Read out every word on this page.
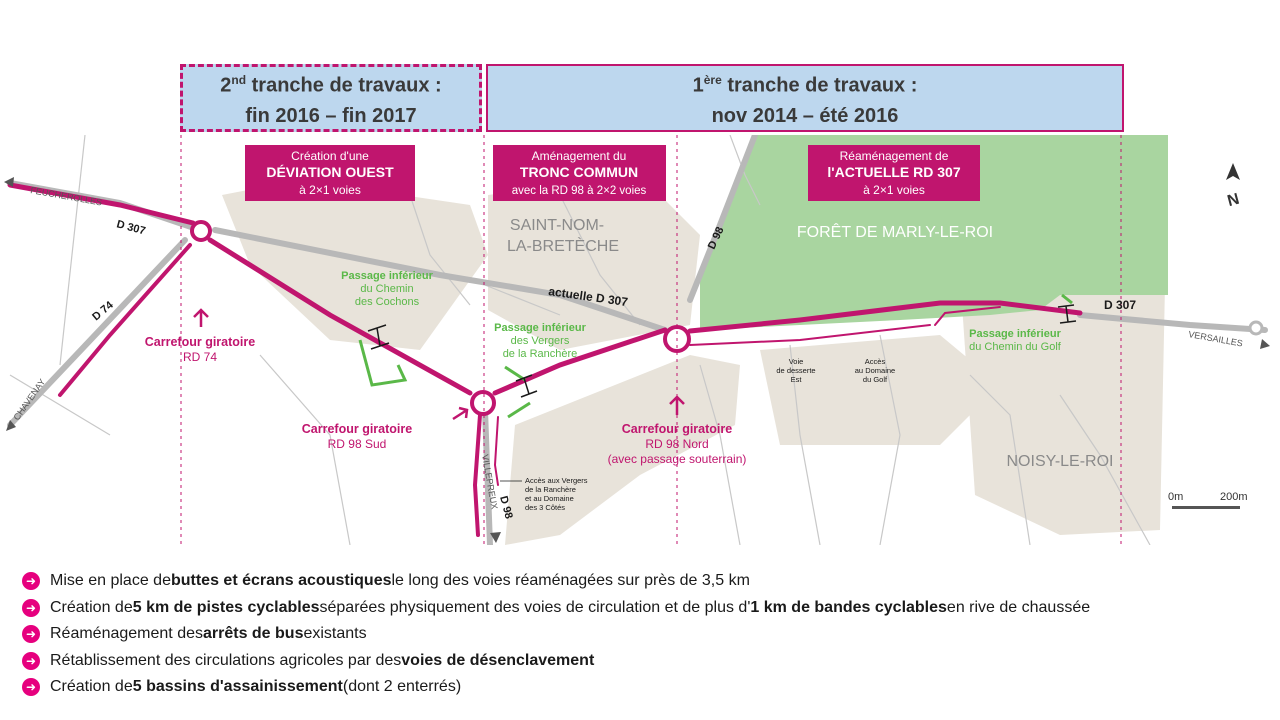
2nd tranche de travaux :
fin 2016 – fin 2017
1ère tranche de travaux :
nov 2014 – été 2016
SAINT-NOM-
LA-BRETÈCHE
NOISY-LE-ROI
FORÊT DE MARLY-LE-ROI
Création d'une
DÉVIATION OUEST
à 2×1 voies
Aménagement du
TRONC COMMUN
avec la RD 98 à 2×2 voies
Réaménagement de
l'ACTUELLE RD 307
à 2×1 voies
D 307
D 74
actuelle D 307
D 98
D 307
D 98
FEUCHEROLLES
CHAVENAY
VERSAILLES
VILLEPREUX
Passage inférieur
du Chemin
des Cochons
Passage inférieur
des Vergers
de la Ranchère
Passage inférieur
du Chemin du Golf
Carrefour giratoire
RD 74
Carrefour giratoire
RD 98 Sud
Carrefour giratoire
RD 98 Nord
(avec passage souterrain)
Voie
de desserte
Est
Accès
au Domaine
du Golf
Accès aux Vergers
de la Ranchère
et au Domaine
des 3 Côtés
N
0m	200m
➜ Mise en place de buttes et écrans acoustiques le long des voies réaménagées sur près de 3,5 km
➜ Création de 5 km de pistes cyclables séparées physiquement des voies de circulation et de plus d' 1 km de bandes cyclables en rive de chaussée
➜ Réaménagement des arrêts de bus existants
➜ Rétablissement des circulations agricoles par des voies de désenclavement
➜ Création de 5 bassins d'assainissement (dont 2 enterrés)
